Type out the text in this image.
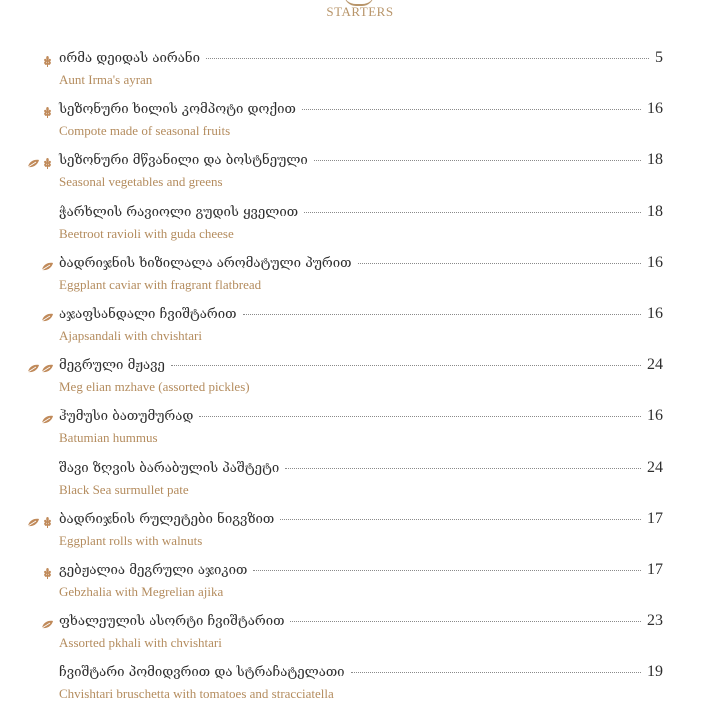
STARTERS
ირმა დეიდას აირანი	5
Aunt Irma's ayran
სეზონური ხილის კომპოტი დოქით	16
Compote made of seasonal fruits
სეზონური მწვანილი და ბოსტნეული	18
Seasonal vegetables and greens
ჭარხლის რავიოლი გუდის ყველით	18
Beetroot ravioli with guda cheese
ბადრიჯნის ხიზილალა არომატული პურით	16
Eggplant caviar with fragrant flatbread
აჯაფსანდალი ჩვიშტარით	16
Ajapsandali with chvishtari
მეგრული მჟავე	24
Meg elian mzhave (assorted pickles)
ჰუმუსი ბათუმურად	16
Batumian hummus
შავი ზღვის ბარაბულის პაშტეტი	24
Black Sea surmullet pate
ბადრიჯნის რულეტები ნიგვზით	17
Eggplant rolls with walnuts
გებჟალია მეგრული აჯიკით	17
Gebzhalia with Megrelian ajika
ფხალეულის ასორტი ჩვიშტარით	23
Assorted pkhali with chvishtari
ჩვიშტარი პომიდვრით და სტრაჩატელათი	19
Chvishtari bruschetta with tomatoes and stracciatella
